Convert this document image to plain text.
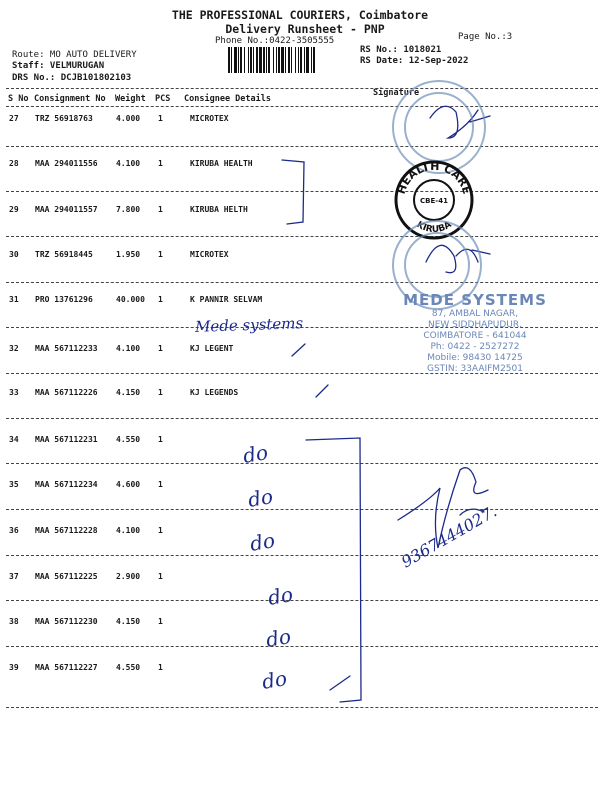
THE PROFESSIONAL COURIERS, Coimbatore
Delivery Runsheet - PNP
Phone No.:0422-3505555	Page No.:3
Route: MO AUTO DELIVERY
Staff: VELMURUGAN
DRS No.: DCJB101802103
RS No.: 1018021
RS Date: 12-Sep-2022
S No Consignment No Weight PCS Consignee Details
Signature
27 TRZ 56918763	4.000 1	MICROTEX
28 MAA 294011556 4.100 1	KIRUBA HEALTH
29 MAA 294011557 7.800 1	KIRUBA HELTH
30 TRZ 56918445	1.950 1	MICROTEX
31 PRO 13761296	40.000 1	K PANNIR SELVAM
32 MAA 567112233 4.100 1	KJ LEGENT
33 MAA 567112226 4.150 1	KJ LEGENDS
34 MAA 567112231 4.550 1
35 MAA 567112234 4.600 1
36 MAA 567112228 4.100 1
37 MAA 567112225 2.900 1
38 MAA 567112230 4.150 1
39 MAA 567112227 4.550 1
Mede systems
do
do
do
do
do
do
9367444027.
HEALTH CARE
KIRUBA
CBE-41
MEDE SYSTEMS
87, AMBAL NAGAR,
NEW SIDDHAPUDUR,
COIMBATORE - 641044
Ph: 0422 - 2527272
Mobile: 98430 14725
GSTIN: 33AAIFM2501
